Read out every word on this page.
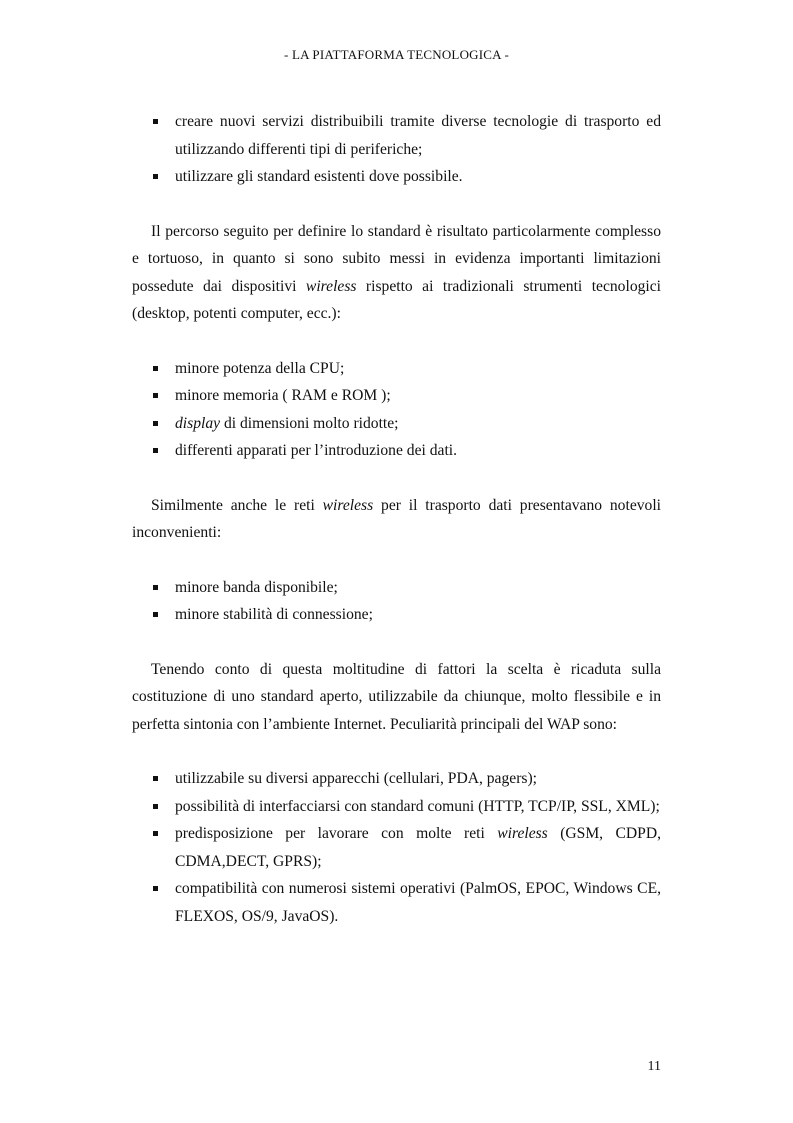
- LA PIATTAFORMA TECNOLOGICA -
creare nuovi servizi distribuibili tramite diverse tecnologie di trasporto ed utilizzando differenti tipi di periferiche;
utilizzare gli standard esistenti dove possibile.

Il percorso seguito per definire lo standard è risultato particolarmente complesso e tortuoso, in quanto si sono subito messi in evidenza importanti limitazioni possedute dai dispositivi wireless rispetto ai tradizionali strumenti tecnologici (desktop, potenti computer, ecc.):

minore potenza della CPU;
minore memoria ( RAM e ROM );
display di dimensioni molto ridotte;
differenti apparati per l’introduzione dei dati.

Similmente anche le reti wireless per il trasporto dati presentavano notevoli inconvenienti:

minore banda disponibile;
minore stabilità di connessione;

Tenendo conto di questa moltitudine di fattori la scelta è ricaduta sulla costituzione di uno standard aperto, utilizzabile da chiunque, molto flessibile e in perfetta sintonia con l’ambiente Internet. Peculiarità principali del WAP sono:

utilizzabile su diversi apparecchi (cellulari, PDA, pagers);
possibilità di interfacciarsi con standard comuni (HTTP, TCP/IP, SSL, XML);
predisposizione per lavorare con molte reti wireless (GSM, CDPD, CDMA,DECT, GPRS);
compatibilità con numerosi sistemi operativi (PalmOS, EPOC, Windows CE, FLEXOS, OS/9, JavaOS).
11
